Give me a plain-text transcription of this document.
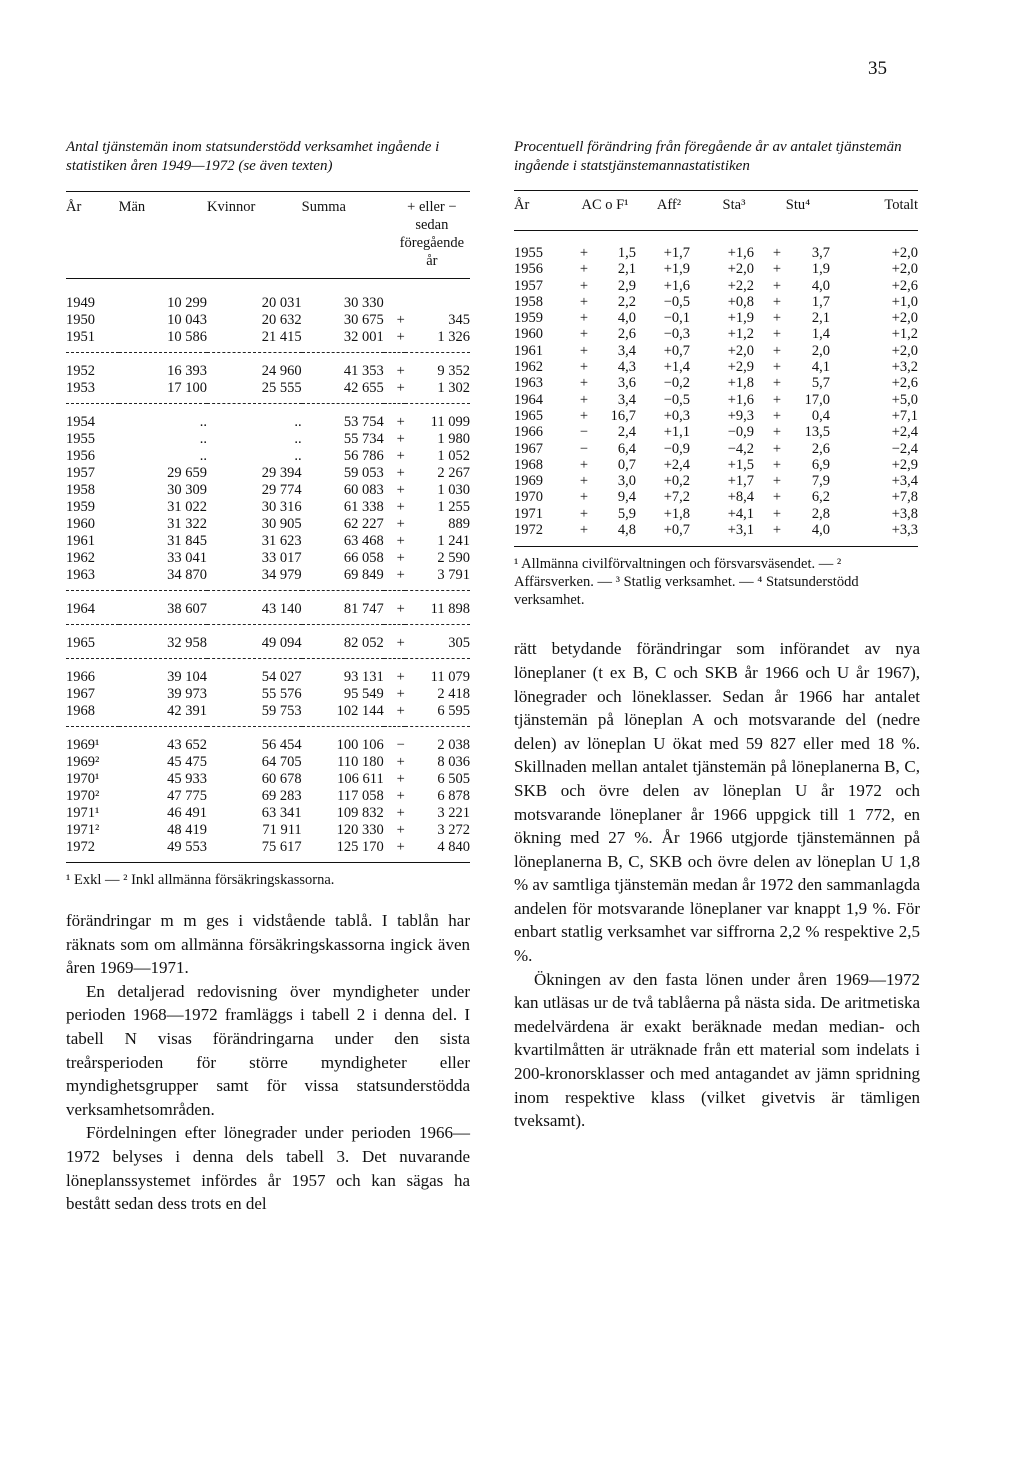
35

Antal tjänstemän inom statsunderstödd verksamhet ingående i statistiken åren 1949—1972 (se även texten)

År	Män	Kvinnor	Summa	+ eller − sedan föregående år	
1949	10 299	20 031	30 330		
1950	10 043	20 632	30 675	+	345
1951	10 586	21 415	32 001	+	1 326
1952	16 393	24 960	41 353	+	9 352
1953	17 100	25 555	42 655	+	1 302
1954	..	..	53 754	+	11 099
1955	..	..	55 734	+	1 980
1956	..	..	56 786	+	1 052
1957	29 659	29 394	59 053	+	2 267
1958	30 309	29 774	60 083	+	1 030
1959	31 022	30 316	61 338	+	1 255
1960	31 322	30 905	62 227	+	889
1961	31 845	31 623	63 468	+	1 241
1962	33 041	33 017	66 058	+	2 590
1963	34 870	34 979	69 849	+	3 791
1964	38 607	43 140	81 747	+	11 898
1965	32 958	49 094	82 052	+	305
1966	39 104	54 027	93 131	+	11 079
1967	39 973	55 576	95 549	+	2 418
1968	42 391	59 753	102 144	+	6 595
1969¹	43 652	56 454	100 106	−	2 038
1969²	45 475	64 705	110 180	+	8 036
1970¹	45 933	60 678	106 611	+	6 505
1970²	47 775	69 283	117 058	+	6 878
1971¹	46 491	63 341	109 832	+	3 221
1971²	48 419	71 911	120 330	+	3 272
1972	49 553	75 617	125 170	+	4 840

¹ Exkl — ² Inkl allmänna försäkringskassorna.

förändringar m m ges i vidstående tablå. I tablån har räknats som om allmänna försäkringskassorna ingick även åren 1969—1971.

En detaljerad redovisning över myndigheter under perioden 1968—1972 framläggs i tabell 2 i denna del. I tabell N visas förändringarna under den sista treårsperioden för större myndigheter eller myndighetsgrupper samt för vissa statsunderstödda verksamhetsområden.

Fördelningen efter lönegrader under perioden 1966—1972 belyses i denna dels tabell 3. Det nuvarande löneplanssystemet infördes år 1957 och kan sägas ha bestått sedan dess trots en del

Procentuell förändring från föregående år av antalet tjänstemän ingående i statstjänstemannastatistiken

År	AC o F¹		Aff²	Sta³	Stu⁴		Totalt
1955	+	1,5	+1,7	+1,6	+	3,7	+2,0
1956	+	2,1	+1,9	+2,0	+	1,9	+2,0
1957	+	2,9	+1,6	+2,2	+	4,0	+2,6
1958	+	2,2	−0,5	+0,8	+	1,7	+1,0
1959	+	4,0	−0,1	+1,9	+	2,1	+2,0
1960	+	2,6	−0,3	+1,2	+	1,4	+1,2
1961	+	3,4	+0,7	+2,0	+	2,0	+2,0
1962	+	4,3	+1,4	+2,9	+	4,1	+3,2
1963	+	3,6	−0,2	+1,8	+	5,7	+2,6
1964	+	3,4	−0,5	+1,6	+	17,0	+5,0
1965	+	16,7	+0,3	+9,3	+	0,4	+7,1
1966	−	2,4	+1,1	−0,9	+	13,5	+2,4
1967	−	6,4	−0,9	−4,2	+	2,6	−2,4
1968	+	0,7	+2,4	+1,5	+	6,9	+2,9
1969	+	3,0	+0,2	+1,7	+	7,9	+3,4
1970	+	9,4	+7,2	+8,4	+	6,2	+7,8
1971	+	5,9	+1,8	+4,1	+	2,8	+3,8
1972	+	4,8	+0,7	+3,1	+	4,0	+3,3

¹ Allmänna civilförvaltningen och försvarsväsendet. — ² Affärsverken. — ³ Statlig verksamhet. — ⁴ Statsunderstödd verksamhet.

rätt betydande förändringar som införandet av nya löneplaner (t ex B, C och SKB år 1966 och U år 1967), lönegrader och löneklasser. Sedan år 1966 har antalet tjänstemän på löneplan A och motsvarande del (nedre delen) av löneplan U ökat med 59 827 eller med 18 %. Skillnaden mellan antalet tjänstemän på löneplanerna B, C, SKB och övre delen av löneplan U år 1972 och motsvarande löneplaner år 1966 uppgick till 1 772, en ökning med 27 %. År 1966 utgjorde tjänstemännen på löneplanerna B, C, SKB och övre delen av löneplan U 1,8 % av samtliga tjänstemän medan år 1972 den sammanlagda andelen för motsvarande löneplaner var knappt 1,9 %. För enbart statlig verksamhet var siffrorna 2,2 % respektive 2,5 %.

Ökningen av den fasta lönen under åren 1969—1972 kan utläsas ur de två tablåerna på nästa sida. De aritmetiska medelvärdena är exakt beräknade medan median- och kvartilmåtten är uträknade från ett material som indelats i 200-kronorsklasser och med antagandet av jämn spridning inom respektive klass (vilket givetvis är tämligen tveksamt).
